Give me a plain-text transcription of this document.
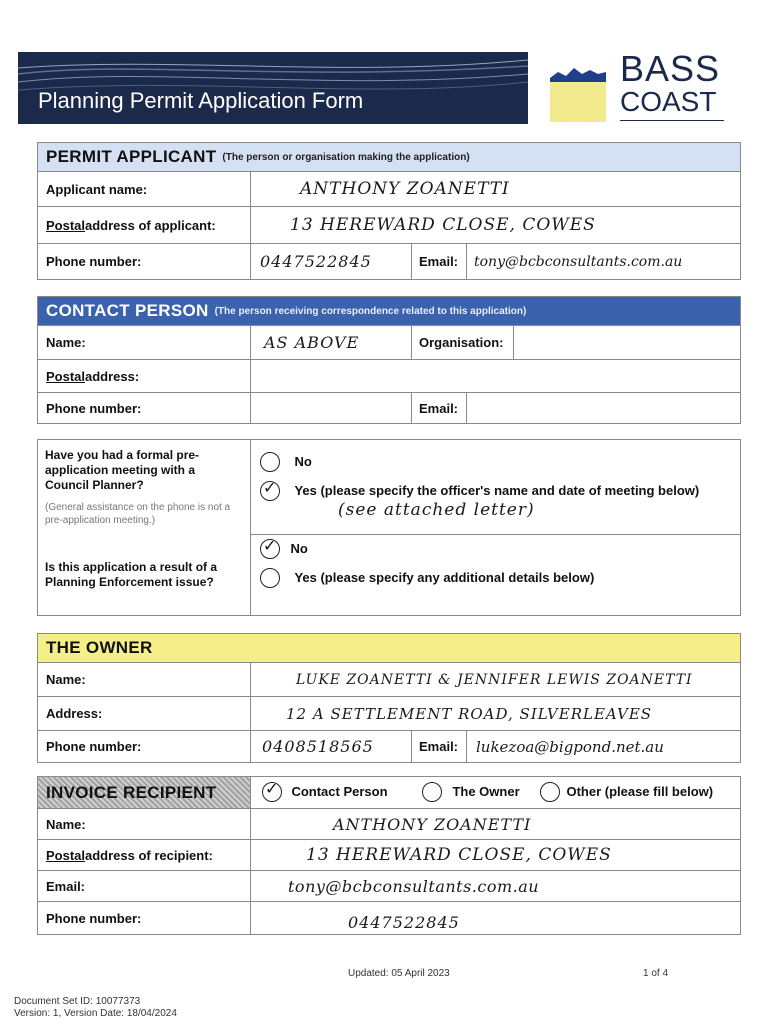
Planning Permit Application Form
BASS
COAST
PERMIT APPLICANT (The person or organisation making the application)
Applicant name:	ANTHONY ZOANETTI
Postal address of applicant:	13 HEREWARD CLOSE, COWES
Phone number:	0447522845	Email:	tony@bcbconsultants.com.au
CONTACT PERSON (The person receiving correspondence related to this application)
Name:	AS ABOVE	Organisation:
Postal address:
Phone number:	Email:
Have you had a formal pre-application meeting with a Council Planner?
(General assistance on the phone is not a pre-application meeting.)
No
✓ Yes (please specify the officer's name and date of meeting below)
(see attached letter)
Is this application a result of a Planning Enforcement issue?
✓ No
Yes (please specify any additional details below)
THE OWNER
Name:	LUKE ZOANETTI & JENNIFER LEWIS ZOANETTI
Address:	12 A SETTLEMENT ROAD, SILVERLEAVES
Phone number:	0408518565	Email:	lukezoa@bigpond.net.au
INVOICE RECIPIENT	✓ Contact Person	The Owner	Other (please fill below)
Name:	ANTHONY ZOANETTI
Postal address of recipient:	13 HEREWARD CLOSE, COWES
Email:	tony@bcbconsultants.com.au
Phone number:	0447522845
Updated: 05 April 2023	1 of 4
Document Set ID: 10077373
Version: 1, Version Date: 18/04/2024
